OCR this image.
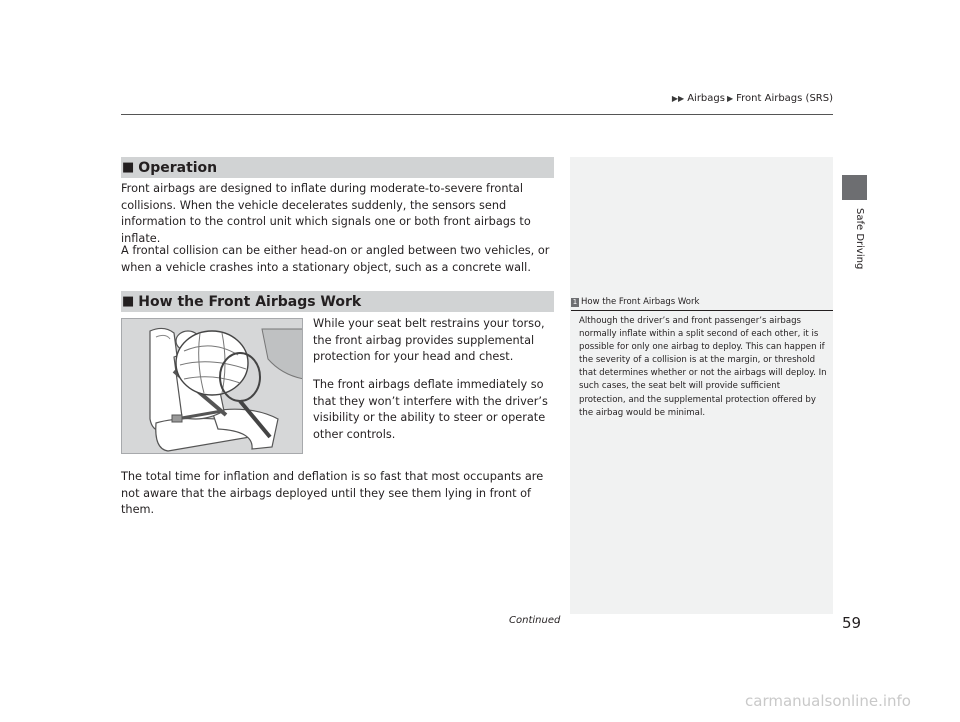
▶▶ Airbags ▶ Front Airbags (SRS)
Safe Driving
■ Operation
Front airbags are designed to inflate during moderate-to-severe frontal collisions. When the vehicle decelerates suddenly, the sensors send information to the control unit which signals one or both front airbags to inflate.
A frontal collision can be either head-on or angled between two vehicles, or when a vehicle crashes into a stationary object, such as a concrete wall.
■ How the Front Airbags Work
While your seat belt restrains your torso, the front airbag provides supplemental protection for your head and chest.
The front airbags deflate immediately so that they won’t interfere with the driver’s visibility or the ability to steer or operate other controls.
The total time for inflation and deflation is so fast that most occupants are not aware that the airbags deployed until they see them lying in front of them.
1 How the Front Airbags Work
Although the driver’s and front passenger’s airbags normally inflate within a split second of each other, it is possible for only one airbag to deploy. This can happen if the severity of a collision is at the margin, or threshold that determines whether or not the airbags will deploy. In such cases, the seat belt will provide sufficient protection, and the supplemental protection offered by the airbag would be minimal.
Continued	59
carmanualsonline.info
